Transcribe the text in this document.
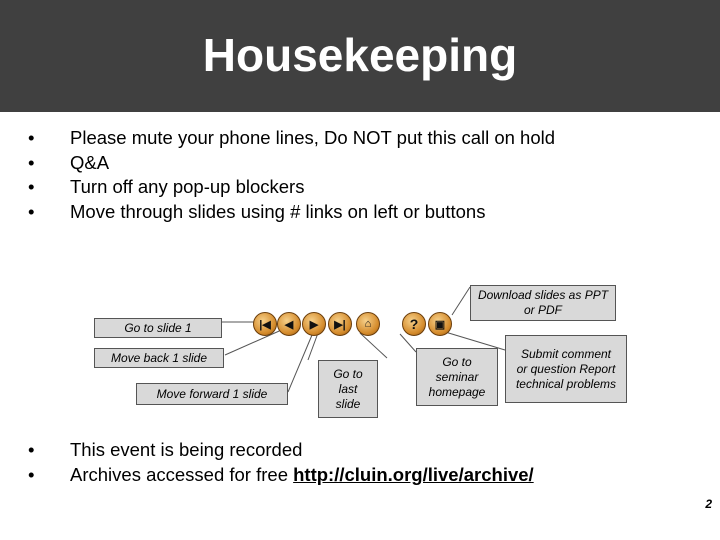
Housekeeping
• Please mute your phone lines, Do NOT put this call on hold
• Q&A
• Turn off any pop-up blockers
• Move through slides using # links on left or buttons
|◀	◀	▶	▶|	⌂	?	▣
Download slides as PPT or PDF
Go to slide 1
Move back 1 slide
Move forward 1 slide
Go to last slide
Go to seminar homepage
Submit comment or question Report technical problems
• This event is being recorded
• Archives accessed for free http://cluin.org/live/archive/
2
